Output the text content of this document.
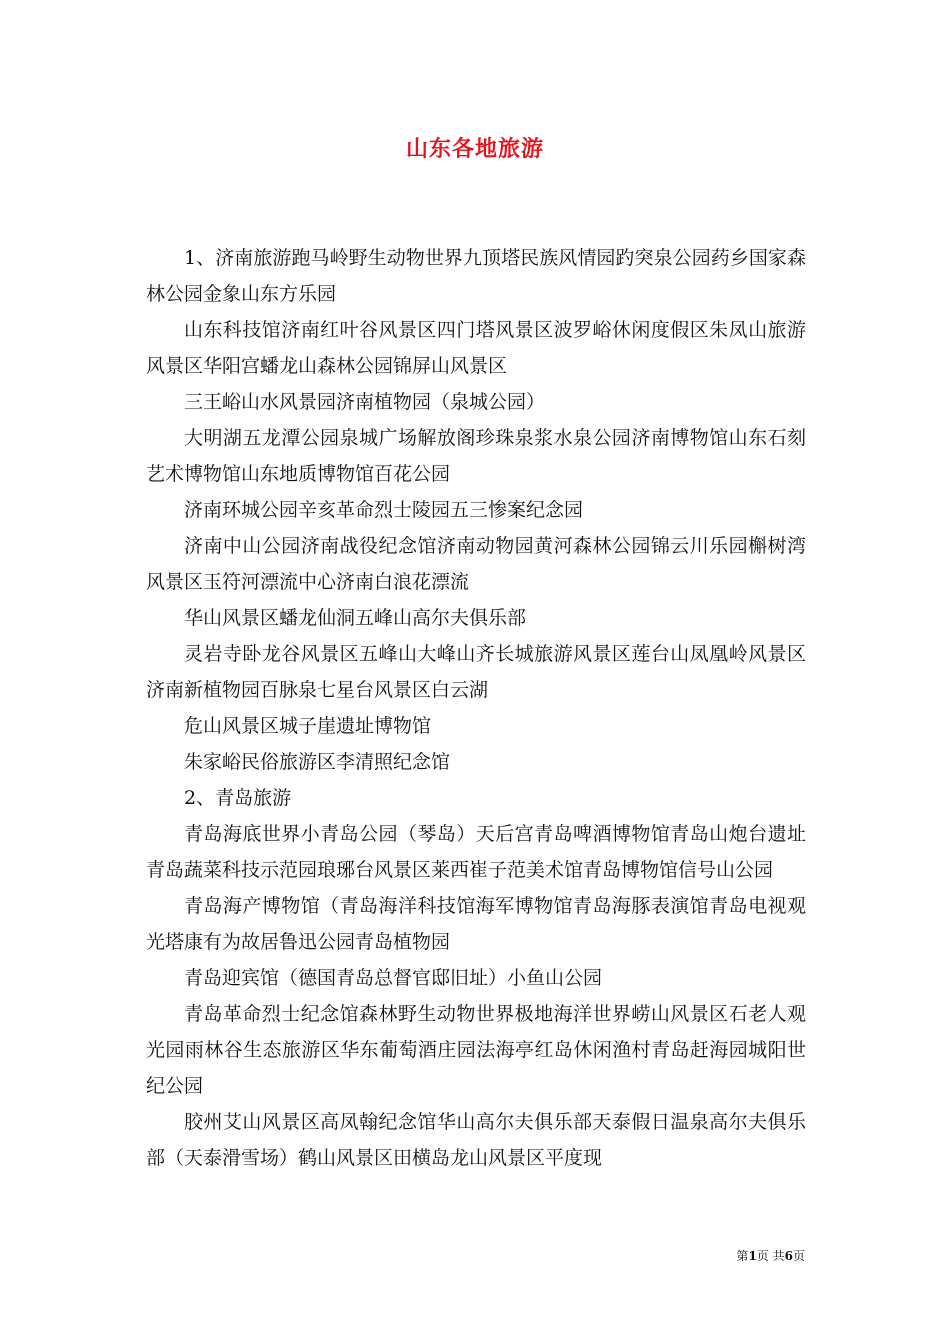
山东各地旅游

1、济南旅游跑马岭野生动物世界九顶塔民族风情园趵突泉公园药乡国家森林公园金象山东方乐园

山东科技馆济南红叶谷风景区四门塔风景区波罗峪休闲度假区朱凤山旅游风景区华阳宫蟠龙山森林公园锦屏山风景区

三王峪山水风景园济南植物园（泉城公园）

大明湖五龙潭公园泉城广场解放阁珍珠泉浆水泉公园济南博物馆山东石刻艺术博物馆山东地质博物馆百花公园

济南环城公园辛亥革命烈士陵园五三惨案纪念园

济南中山公园济南战役纪念馆济南动物园黄河森林公园锦云川乐园槲树湾风景区玉符河漂流中心济南白浪花漂流

华山风景区蟠龙仙洞五峰山高尔夫俱乐部

灵岩寺卧龙谷风景区五峰山大峰山齐长城旅游风景区莲台山凤凰岭风景区济南新植物园百脉泉七星台风景区白云湖

危山风景区城子崖遗址博物馆

朱家峪民俗旅游区李清照纪念馆

2、青岛旅游

青岛海底世界小青岛公园（琴岛）天后宫青岛啤酒博物馆青岛山炮台遗址青岛蔬菜科技示范园琅琊台风景区莱西崔子范美术馆青岛博物馆信号山公园

青岛海产博物馆（青岛海洋科技馆海军博物馆青岛海豚表演馆青岛电视观光塔康有为故居鲁迅公园青岛植物园

青岛迎宾馆（德国青岛总督官邸旧址）小鱼山公园

青岛革命烈士纪念馆森林野生动物世界极地海洋世界崂山风景区石老人观光园雨林谷生态旅游区华东葡萄酒庄园法海亭红岛休闲渔村青岛赶海园城阳世纪公园

胶州艾山风景区高凤翰纪念馆华山高尔夫俱乐部天泰假日温泉高尔夫俱乐部（天泰滑雪场）鹤山风景区田横岛龙山风景区平度现

第1页 共6页
